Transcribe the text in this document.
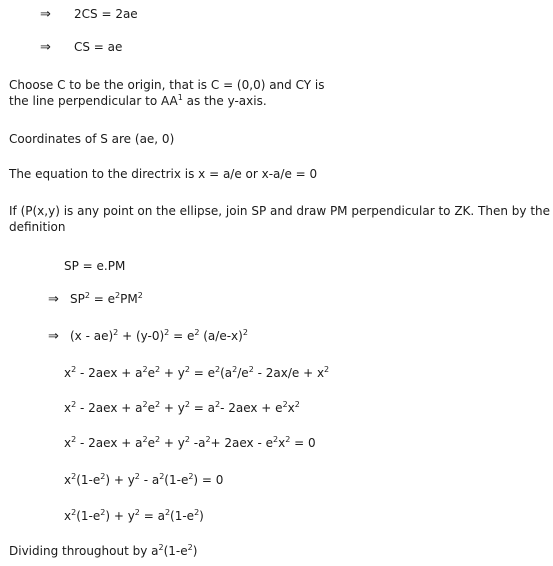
⇒ 2CS = 2ae
⇒ CS = ae
Choose C to be the origin, that is C = (0,0) and CY is
the line perpendicular to $AA^1$ as the y-axis.
Coordinates of S are (ae, 0)
The equation to the directrix is x = a/e or x-a/e = 0
If (P(x,y) is any point on the ellipse, join SP and draw PM perpendicular to ZK. Then by the definition
SP = e.PM
⇒ $SP^2 = e^2PM^2$
⇒ $(x - ae)^2 + (y-0)^2 = e^2$ $(a/e-x)^2$
$x^2 - 2aex + a^2e^2 + y^2 = e^2(a^2/e^2 - 2ax/e + x^2$
$x^2 - 2aex + a^2e^2 + y^2 = a^2-$ $2aex + e^2x^2$
$x^2 - 2aex + a^2e^2 + y^2$ $-a^2+ 2aex - e^2x^2 = 0$
$x^2(1-e^2) + y^2 - a^2(1-e^2) = 0$
$x^2(1-e^2) + y^2 = a^2(1-e^2)$
Dividing throughout by $a^2(1-e^2)$
